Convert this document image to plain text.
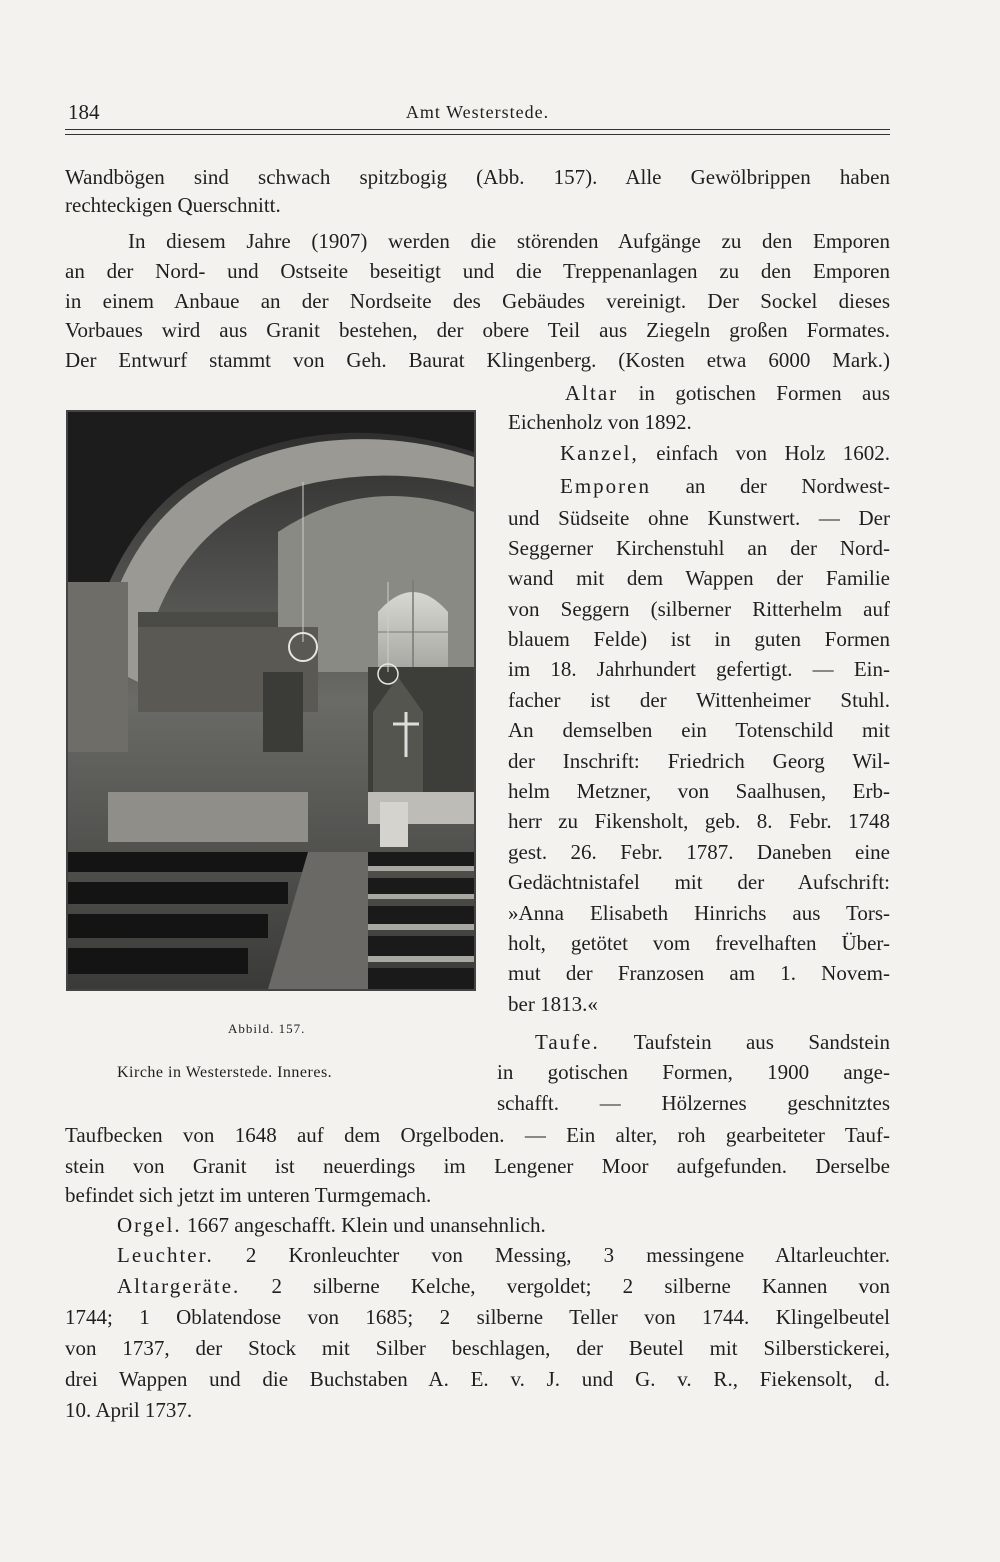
184	Amt Westerstede.
Wandbögen sind schwach spitzbogig (Abb. 157). Alle Gewölbrippen haben
rechteckigen Querschnitt.
In diesem Jahre (1907) werden die störenden Aufgänge zu den Emporen
an der Nord- und Ostseite beseitigt und die Treppenanlagen zu den Emporen
in einem Anbaue an der Nordseite des Gebäudes vereinigt. Der Sockel dieses
Vorbaues wird aus Granit bestehen, der obere Teil aus Ziegeln großen Formates.
Der Entwurf stammt von Geh. Baurat Klingenberg. (Kosten etwa 6000 Mark.)
Altar in gotischen Formen aus
Eichenholz von 1892.
Kanzel, einfach von Holz 1602.
Emporen an der Nordwest-
und Südseite ohne Kunstwert. — Der
Seggerner Kirchenstuhl an der Nord-
wand mit dem Wappen der Familie
von Seggern (silberner Ritterhelm auf
blauem Felde) ist in guten Formen
im 18. Jahrhundert gefertigt. — Ein-
facher ist der Wittenheimer Stuhl.
An demselben ein Totenschild mit
der Inschrift: Friedrich Georg Wil-
helm Metzner, von Saalhusen, Erb-
herr zu Fikensholt, geb. 8. Febr. 1748
gest. 26. Febr. 1787. Daneben eine
Gedächtnistafel mit der Aufschrift:
»Anna Elisabeth Hinrichs aus Tors-
holt, getötet vom frevelhaften Über-
mut der Franzosen am 1. Novem-
ber 1813.«
Taufe. Taufstein aus Sandstein
in gotischen Formen, 1900 ange-
schafft. — Hölzernes geschnitztes
Taufbecken von 1648 auf dem Orgelboden. — Ein alter, roh gearbeiteter Tauf-
stein von Granit ist neuerdings im Lengener Moor aufgefunden. Derselbe
befindet sich jetzt im unteren Turmgemach.
Orgel. 1667 angeschafft. Klein und unansehnlich.
Leuchter. 2 Kronleuchter von Messing, 3 messingene Altarleuchter.
Altargeräte. 2 silberne Kelche, vergoldet; 2 silberne Kannen von
1744; 1 Oblatendose von 1685; 2 silberne Teller von 1744. Klingelbeutel
von 1737, der Stock mit Silber beschlagen, der Beutel mit Silberstickerei,
drei Wappen und die Buchstaben A. E. v. J. und G. v. R., Fiekensolt, d.
10. April 1737.
Abbild. 157.
Kirche in Westerstede. Inneres.
